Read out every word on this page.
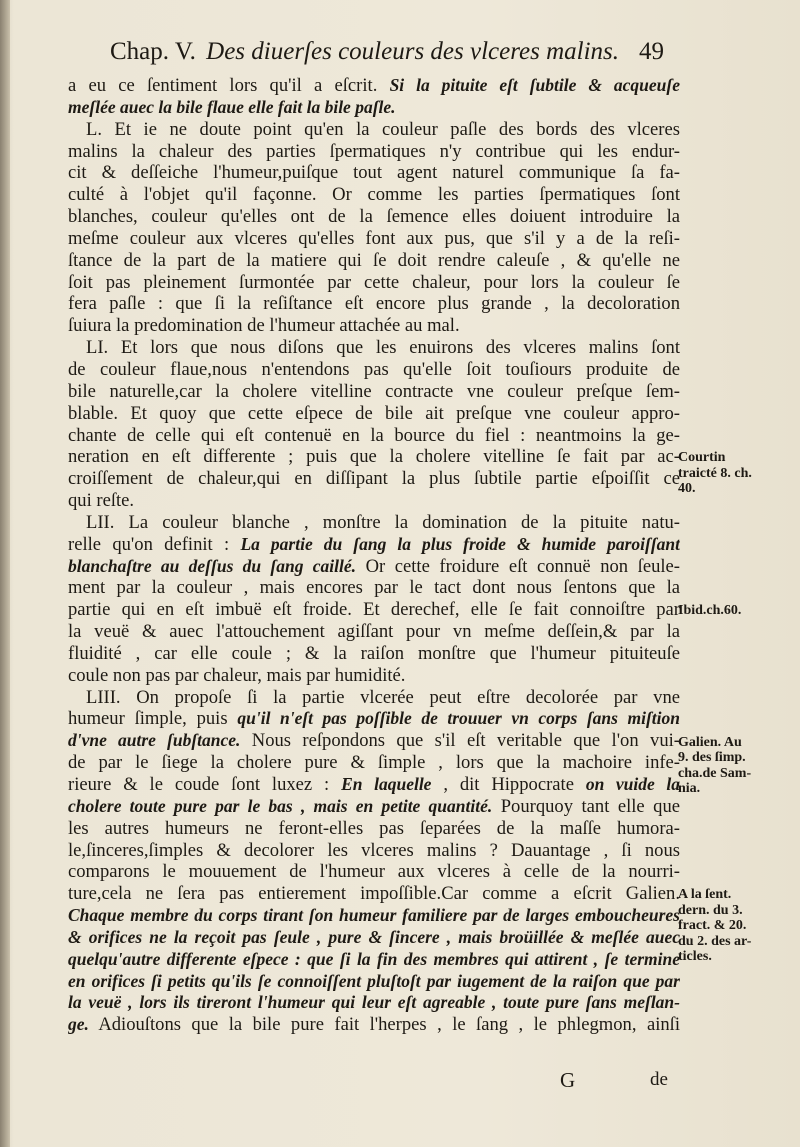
Chap. V. Des diuerſes couleurs des vlceres malins. 49
a eu ce ſentiment lors qu'il a eſcrit. Si la pituite eſt ſubtile & acqueuſe
meſlée auec la bile flaue elle fait la bile paſle.
L. Et ie ne doute point qu'en la couleur paſle des bords des vlceres
malins la chaleur des parties ſpermatiques n'y contribue qui les endur-
cit & deſſeiche l'humeur,puiſque tout agent naturel communique ſa fa-
culté à l'objet qu'il façonne. Or comme les parties ſpermatiques ſont
blanches, couleur qu'elles ont de la ſemence elles doiuent introduire la
meſme couleur aux vlceres qu'elles font aux pus, que s'il y a de la reſi-
ſtance de la part de la matiere qui ſe doit rendre caleuſe , & qu'elle ne
ſoit pas pleinement ſurmontée par cette chaleur, pour lors la couleur ſe
fera paſle : que ſi la reſiſtance eſt encore plus grande , la decoloration
ſuiura la predomination de l'humeur attachée au mal.
LI. Et lors que nous diſons que les enuirons des vlceres malins ſont
de couleur flaue,nous n'entendons pas qu'elle ſoit touſiours produite de
bile naturelle,car la cholere vitelline contracte vne couleur preſque ſem-
blable. Et quoy que cette eſpece de bile ait preſque vne couleur appro-
chante de celle qui eſt contenuë en la bource du fiel : neantmoins la ge-
neration en eſt differente ; puis que la cholere vitelline ſe fait par ac-
croiſſement de chaleur,qui en diſſipant la plus ſubtile partie eſpoiſſit ce
qui reſte.
LII. La couleur blanche , monſtre la domination de la pituite natu-
relle qu'on definit : La partie du ſang la plus froide & humide paroiſſant
blanchaſtre au deſſus du ſang caillé. Or cette froidure eſt connuë non ſeule-
ment par la couleur , mais encores par le tact dont nous ſentons que la
partie qui en eſt imbuë eſt froide. Et derechef, elle ſe fait connoiſtre par
la veuë & auec l'attouchement agiſſant pour vn meſme deſſein,& par la
fluidité , car elle coule ; & la raiſon monſtre que l'humeur pituiteuſe
coule non pas par chaleur, mais par humidité.
LIII. On propoſe ſi la partie vlcerée peut eſtre decolorée par vne
humeur ſimple, puis qu'il n'eſt pas poſſible de trouuer vn corps ſans miſtion
d'vne autre ſubſtance. Nous reſpondons que s'il eſt veritable que l'on vui-
de par le ſiege la cholere pure & ſimple , lors que la machoire infe-
rieure & le coude ſont luxez : En laquelle , dit Hippocrate on vuide la
cholere toute pure par le bas , mais en petite quantité. Pourquoy tant elle que
les autres humeurs ne feront-elles pas ſeparées de la maſſe humora-
le,ſinceres,ſimples & decolorer les vlceres malins ? Dauantage , ſi nous
comparons le mouuement de l'humeur aux vlceres à celle de la nourri-
ture,cela ne ſera pas entierement impoſſible.Car comme a eſcrit Galien.
Chaque membre du corps tirant ſon humeur familiere par de larges embouchеures
& orifices ne la reçoit pas ſeule , pure & ſincere , mais broüillée & meſlée auec
quelqu'autre differente eſpece : que ſi la fin des membres qui attirent , ſe termine
en orifices ſi petits qu'ils ſe connoiſſent pluſtoſt par iugement de la raiſon que par
la veuë , lors ils tireront l'humeur qui leur eſt agreable , toute pure ſans meſlan-
ge. Adiouſtons que la bile pure fait l'herpes , le ſang , le phlegmon, ainſi
Courtin
traicté 8. ch.
40.
Ibid.ch.60.
Galien. Au
9. des ſimp.
cha.de Sam-
nia.
A la ſent.
dern. du 3.
fract. & 20.
du 2. des ar-
ticles.
G	de
